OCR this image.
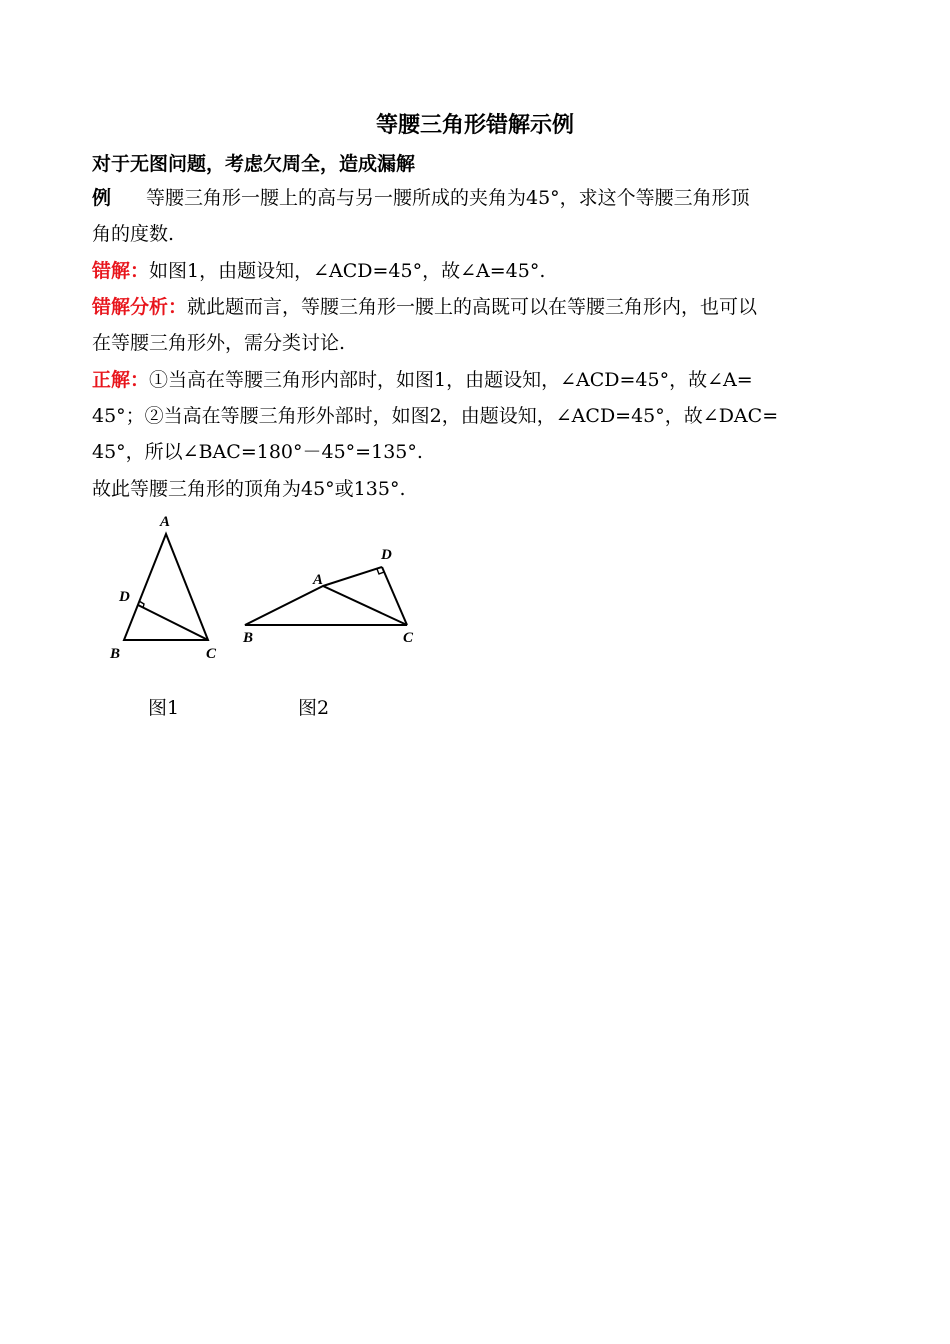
等腰三角形错解示例
对于无图问题，考虑欠周全，造成漏解
例 等腰三角形一腰上的高与另一腰所成的夹角为45°，求这个等腰三角形顶
角的度数.
错解：如图1，由题设知，∠ACD=45°，故∠A=45°.
错解分析：就此题而言，等腰三角形一腰上的高既可以在等腰三角形内，也可以
在等腰三角形外，需分类讨论.
正解：①当高在等腰三角形内部时，如图1，由题设知，∠ACD=45°，故∠A=
45°；②当高在等腰三角形外部时，如图2，由题设知，∠ACD=45°，故∠DAC=
45°，所以∠BAC=180°－45°=135°.
故此等腰三角形的顶角为45°或135°.
A
D
B	C
A
D
B	C
图1	图2
